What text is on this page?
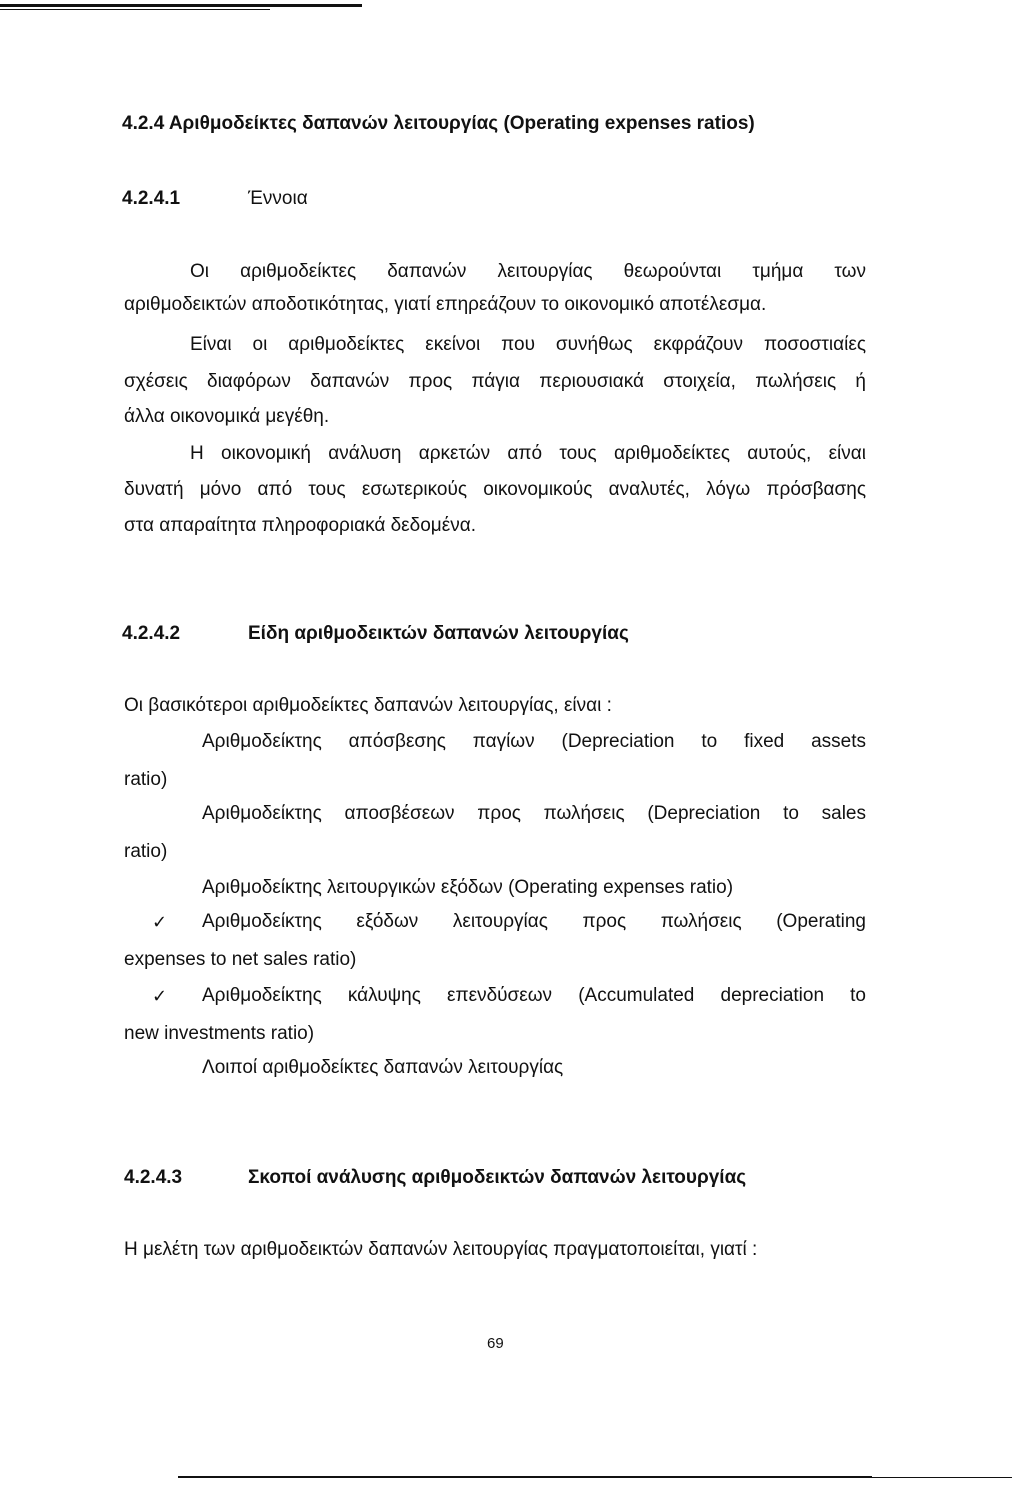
4.2.4 Αριθμοδείκτες δαπανών λειτουργίας (Operating expenses ratios)
4.2.4.1	Έννοια
Οι αριθμοδείκτες δαπανών λειτουργίας θεωρούνται τμήμα των
αριθμοδεικτών αποδοτικότητας, γιατί επηρεάζουν το οικονομικό αποτέλεσμα.
Είναι οι αριθμοδείκτες εκείνοι που συνήθως εκφράζουν ποσοστιαίες
σχέσεις διαφόρων δαπανών προς πάγια περιουσιακά στοιχεία, πωλήσεις ή
άλλα οικονομικά μεγέθη.
Η οικονομική ανάλυση αρκετών από τους αριθμοδείκτες αυτούς, είναι
δυνατή μόνο από τους εσωτερικούς οικονομικούς αναλυτές, λόγω πρόσβασης
στα απαραίτητα πληροφοριακά δεδομένα.
4.2.4.2	Είδη αριθμοδεικτών δαπανών λειτουργίας
Οι βασικότεροι αριθμοδείκτες δαπανών λειτουργίας, είναι :
Αριθμοδείκτης απόσβεσης παγίων (Depreciation to fixed assets
ratio)
Αριθμοδείκτης αποσβέσεων προς πωλήσεις (Depreciation to sales
ratio)
Αριθμοδείκτης λειτουργικών εξόδων (Operating expenses ratio)
✓ Αριθμοδείκτης εξόδων λειτουργίας προς πωλήσεις (Operating
expenses to net sales ratio)
✓ Αριθμοδείκτης κάλυψης επενδύσεων (Accumulated depreciation to
new investments ratio)
Λοιποί αριθμοδείκτες δαπανών λειτουργίας
4.2.4.3	Σκοποί ανάλυσης αριθμοδεικτών δαπανών λειτουργίας
Η μελέτη των αριθμοδεικτών δαπανών λειτουργίας πραγματοποιείται, γιατί :
69
